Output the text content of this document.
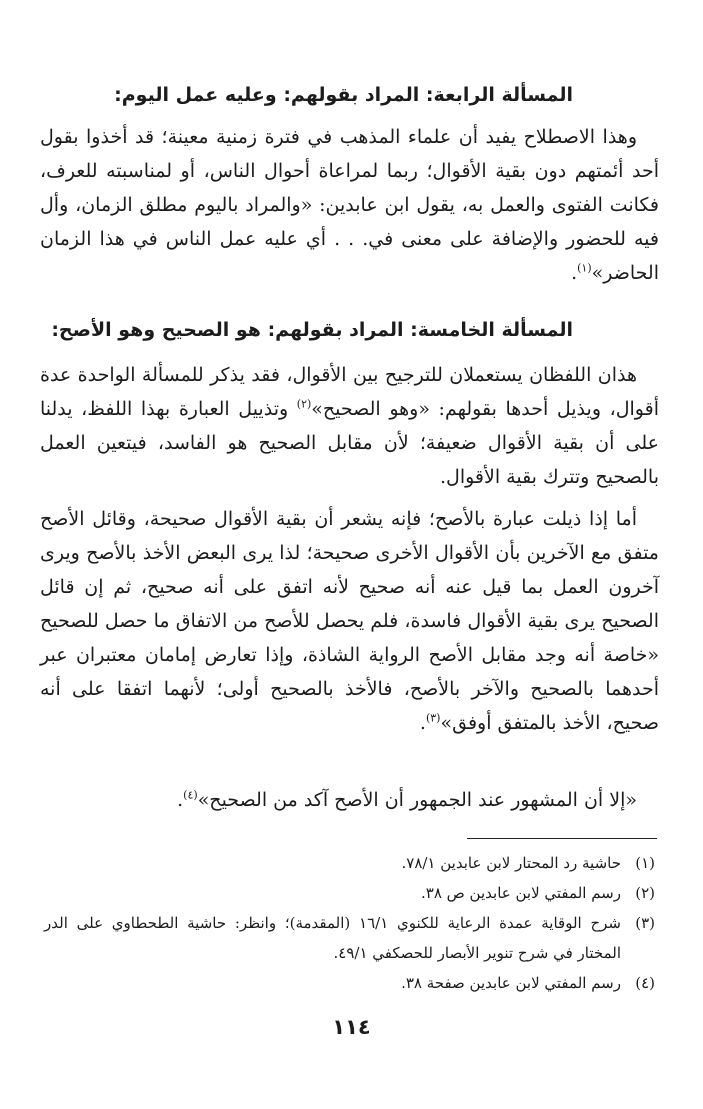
المسألة الرابعة: المراد بقولهم: وعليه عمل اليوم:

وهذا الاصطلاح يفيد أن علماء المذهب في فترة زمنية معينة؛ قد أخذوا بقول أحد أئمتهم دون بقية الأقوال؛ ربما لمراعاة أحوال الناس، أو لمناسبته للعرف، فكانت الفتوى والعمل به، يقول ابن عابدين: «والمراد باليوم مطلق الزمان، وأل فيه للحضور والإضافة على معنى في. . . أي عليه عمل الناس في هذا الزمان الحاضر»$^{(١)}$.

المسألة الخامسة: المراد بقولهم: هو الصحيح وهو الأصح:

هذان اللفظان يستعملان للترجيح بين الأقوال، فقد يذكر للمسألة الواحدة عدة أقوال، ويذيل أحدها بقولهم: «وهو الصحيح»$^{(٢)}$ وتذييل العبارة بهذا اللفظ، يدلنا على أن بقية الأقوال ضعيفة؛ لأن مقابل الصحيح هو الفاسد، فيتعين العمل بالصحيح وتترك بقية الأقوال.

أما إذا ذيلت عبارة بالأصح؛ فإنه يشعر أن بقية الأقوال صحيحة، وقائل الأصح متفق مع الآخرين بأن الأقوال الأخرى صحيحة؛ لذا يرى البعض الأخذ بالأصح ويرى آخرون العمل بما قيل عنه أنه صحيح لأنه اتفق على أنه صحيح، ثم إن قائل الصحيح يرى بقية الأقوال فاسدة، فلم يحصل للأصح من الاتفاق ما حصل للصحيح «خاصة أنه وجد مقابل الأصح الرواية الشاذة، وإذا تعارض إمامان معتبران عبر أحدهما بالصحيح والآخر بالأصح، فالأخذ بالصحيح أولى؛ لأنهما اتفقا على أنه صحيح، الأخذ بالمتفق أوفق»$^{(٣)}$.

«إلا أن المشهور عند الجمهور أن الأصح آكد من الصحيح»$^{(٤)}$.

(١)
حاشية رد المحتار لابن عابدين ٧٨/١.
(٢)
رسم المفتي لابن عابدين ص ٣٨.
(٣)
شرح الوقاية عمدة الرعاية للكنوي ١٦/١ (المقدمة)؛ وانظر: حاشية الطحطاوي على الدر المختار في شرح تنوير الأبصار للحصكفي ٤٩/١.
(٤)
رسم المفتي لابن عابدين صفحة ٣٨.
١١٤
